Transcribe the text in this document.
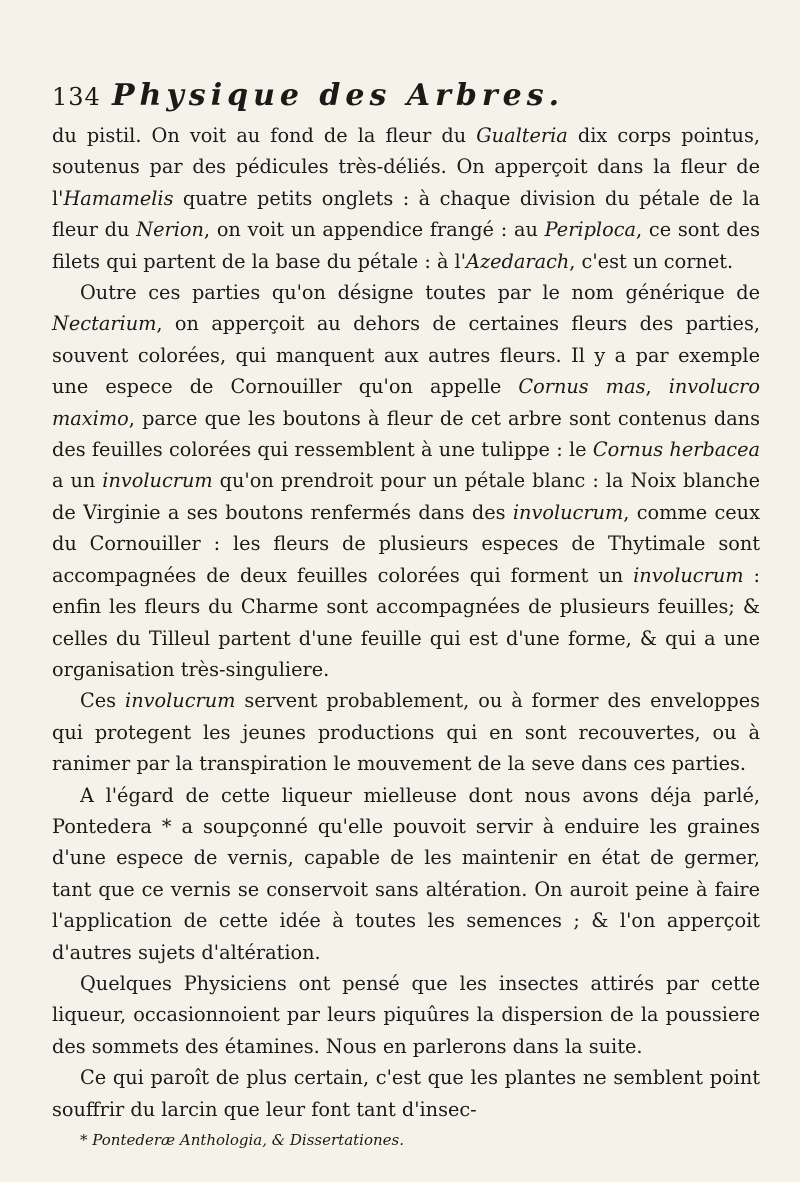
134 Physique des Arbres.

du pistil. On voit au fond de la fleur du Gualteria dix corps pointus, soutenus par des pédicules très-déliés. On apperçoit dans la fleur de l'Hamamelis quatre petits onglets : à chaque division du pétale de la fleur du Nerion, on voit un appendice frangé : au Periploca, ce sont des filets qui partent de la base du pétale : à l'Azedarach, c'est un cornet.

Outre ces parties qu'on désigne toutes par le nom générique de Nectarium, on apperçoit au dehors de certaines fleurs des parties, souvent colorées, qui manquent aux autres fleurs. Il y a par exemple une espece de Cornouiller qu'on appelle Cornus mas, involucro maximo, parce que les boutons à fleur de cet arbre sont contenus dans des feuilles colorées qui ressemblent à une tulippe : le Cornus herbacea a un involucrum qu'on prendroit pour un pétale blanc : la Noix blanche de Virginie a ses boutons renfermés dans des involucrum, comme ceux du Cornouiller : les fleurs de plusieurs especes de Thytimale sont accompagnées de deux feuilles colorées qui forment un involucrum : enfin les fleurs du Charme sont accompagnées de plusieurs feuilles; & celles du Tilleul partent d'une feuille qui est d'une forme, & qui a une organisation très-singuliere.

Ces involucrum servent probablement, ou à former des enveloppes qui protegent les jeunes productions qui en sont recouvertes, ou à ranimer par la transpiration le mouvement de la seve dans ces parties.

A l'égard de cette liqueur mielleuse dont nous avons déja parlé, Pontedera * a soupçonné qu'elle pouvoit servir à enduire les graines d'une espece de vernis, capable de les maintenir en état de germer, tant que ce vernis se conservoit sans altération. On auroit peine à faire l'application de cette idée à toutes les semences ; & l'on apperçoit d'autres sujets d'altération.

Quelques Physiciens ont pensé que les insectes attirés par cette liqueur, occasionnoient par leurs piquûres la dispersion de la poussiere des sommets des étamines. Nous en parlerons dans la suite.

Ce qui paroît de plus certain, c'est que les plantes ne semblent point souffrir du larcin que leur font tant d'insec-

* Pontederæ Anthologia, & Dissertationes.
